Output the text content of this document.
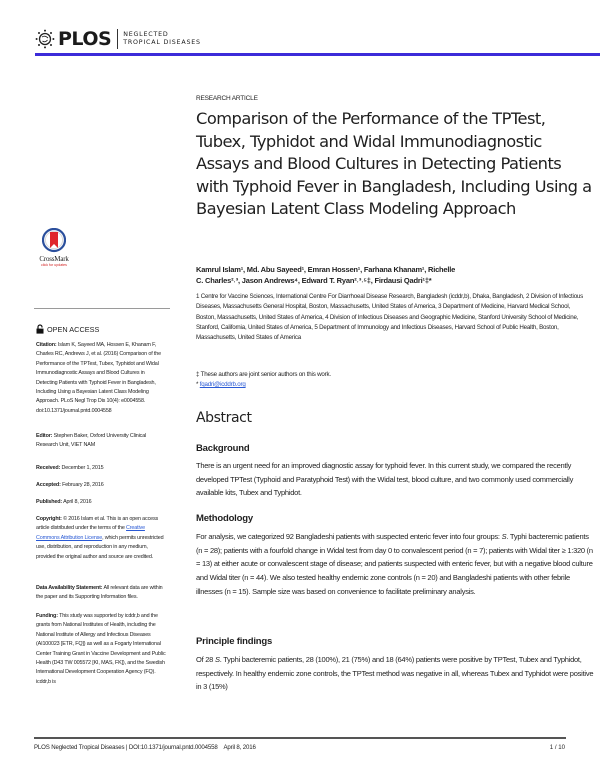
PLOS NEGLECTED
TROPICAL DISEASES
CrossMark
click for updates
OPEN ACCESS
Citation: Islam K, Sayeed MA, Hossen E, Khanam F, Charles RC, Andrews J, et al. (2016) Comparison of the Performance of the TPTest, Tubex, Typhidot and Widal Immunodiagnostic Assays and Blood Cultures in Detecting Patients with Typhoid Fever in Bangladesh, Including Using a Bayesian Latent Class Modeling Approach. PLoS Negl Trop Dis 10(4): e0004558. doi:10.1371/journal.pntd.0004558
Editor: Stephen Baker, Oxford University Clinical Research Unit, VIET NAM
Received: December 1, 2015
Accepted: February 28, 2016
Published: April 8, 2016
Copyright: © 2016 Islam et al. This is an open access article distributed under the terms of the Creative Commons Attribution License, which permits unrestricted use, distribution, and reproduction in any medium, provided the original author and source are credited.
Data Availability Statement: All relevant data are within the paper and its Supporting Information files.
Funding: This study was supported by icddr,b and the grants from National Institutes of Health, including the National Institute of Allergy and Infectious Diseases (AI100023 [ETR, FQ]) as well as a Fogarty International Center Training Grant in Vaccine Development and Public Health (D43 TW 005572 [KI, MAS, FK]), and the Swedish International Development Cooperation Agency (FQ). icddr,b is
RESEARCH ARTICLE
Comparison of the Performance of the TPTest, Tubex, Typhidot and Widal Immunodiagnostic Assays and Blood Cultures in Detecting Patients with Typhoid Fever in Bangladesh, Including Using a Bayesian Latent Class Modeling Approach
Kamrul Islam¹, Md. Abu Sayeed¹, Emran Hossen¹, Farhana Khanam¹, Richelle
C. Charles²˒³, Jason Andrews⁴, Edward T. Ryan²˒³˒⁵‡, Firdausi Qadri¹‡*
1 Centre for Vaccine Sciences, International Centre For Diarrhoeal Disease Research, Bangladesh (icddr,b), Dhaka, Bangladesh, 2 Division of Infectious Diseases, Massachusetts General Hospital, Boston, Massachusetts, United States of America, 3 Department of Medicine, Harvard Medical School, Boston, Massachusetts, United States of America, 4 Division of Infectious Diseases and Geographic Medicine, Stanford University School of Medicine, Stanford, California, United States of America, 5 Department of Immunology and Infectious Diseases, Harvard School of Public Health, Boston, Massachusetts, United States of America
‡ These authors are joint senior authors on this work.
* fqadri@icddrb.org
Abstract
Background

There is an urgent need for an improved diagnostic assay for typhoid fever. In this current study, we compared the recently developed TPTest (Typhoid and Paratyphoid Test) with the Widal test, blood culture, and two commonly used commercially available kits, Tubex and Typhidot.

Methodology

For analysis, we categorized 92 Bangladeshi patients with suspected enteric fever into four groups: S. Typhi bacteremic patients (n = 28); patients with a fourfold change in Widal test from day 0 to convalescent period (n = 7); patients with Widal titer ≥ 1:320 (n = 13) at either acute or convalescent stage of disease; and patients suspected with enteric fever, but with a negative blood culture and Widal titer (n = 44). We also tested healthy endemic zone controls (n = 20) and Bangladeshi patients with other febrile illnesses (n = 15). Sample size was based on convenience to facilitate preliminary analysis.

Principle findings

Of 28 S. Typhi bacteremic patients, 28 (100%), 21 (75%) and 18 (64%) patients were positive by TPTest, Tubex and Typhidot, respectively. In healthy endemic zone controls, the TPTest method was negative in all, whereas Tubex and Typhidot were positive in 3 (15%)

PLOS Neglected Tropical Diseases | DOI:10.1371/journal.pntd.0004558    April 8, 2016	1 / 10
